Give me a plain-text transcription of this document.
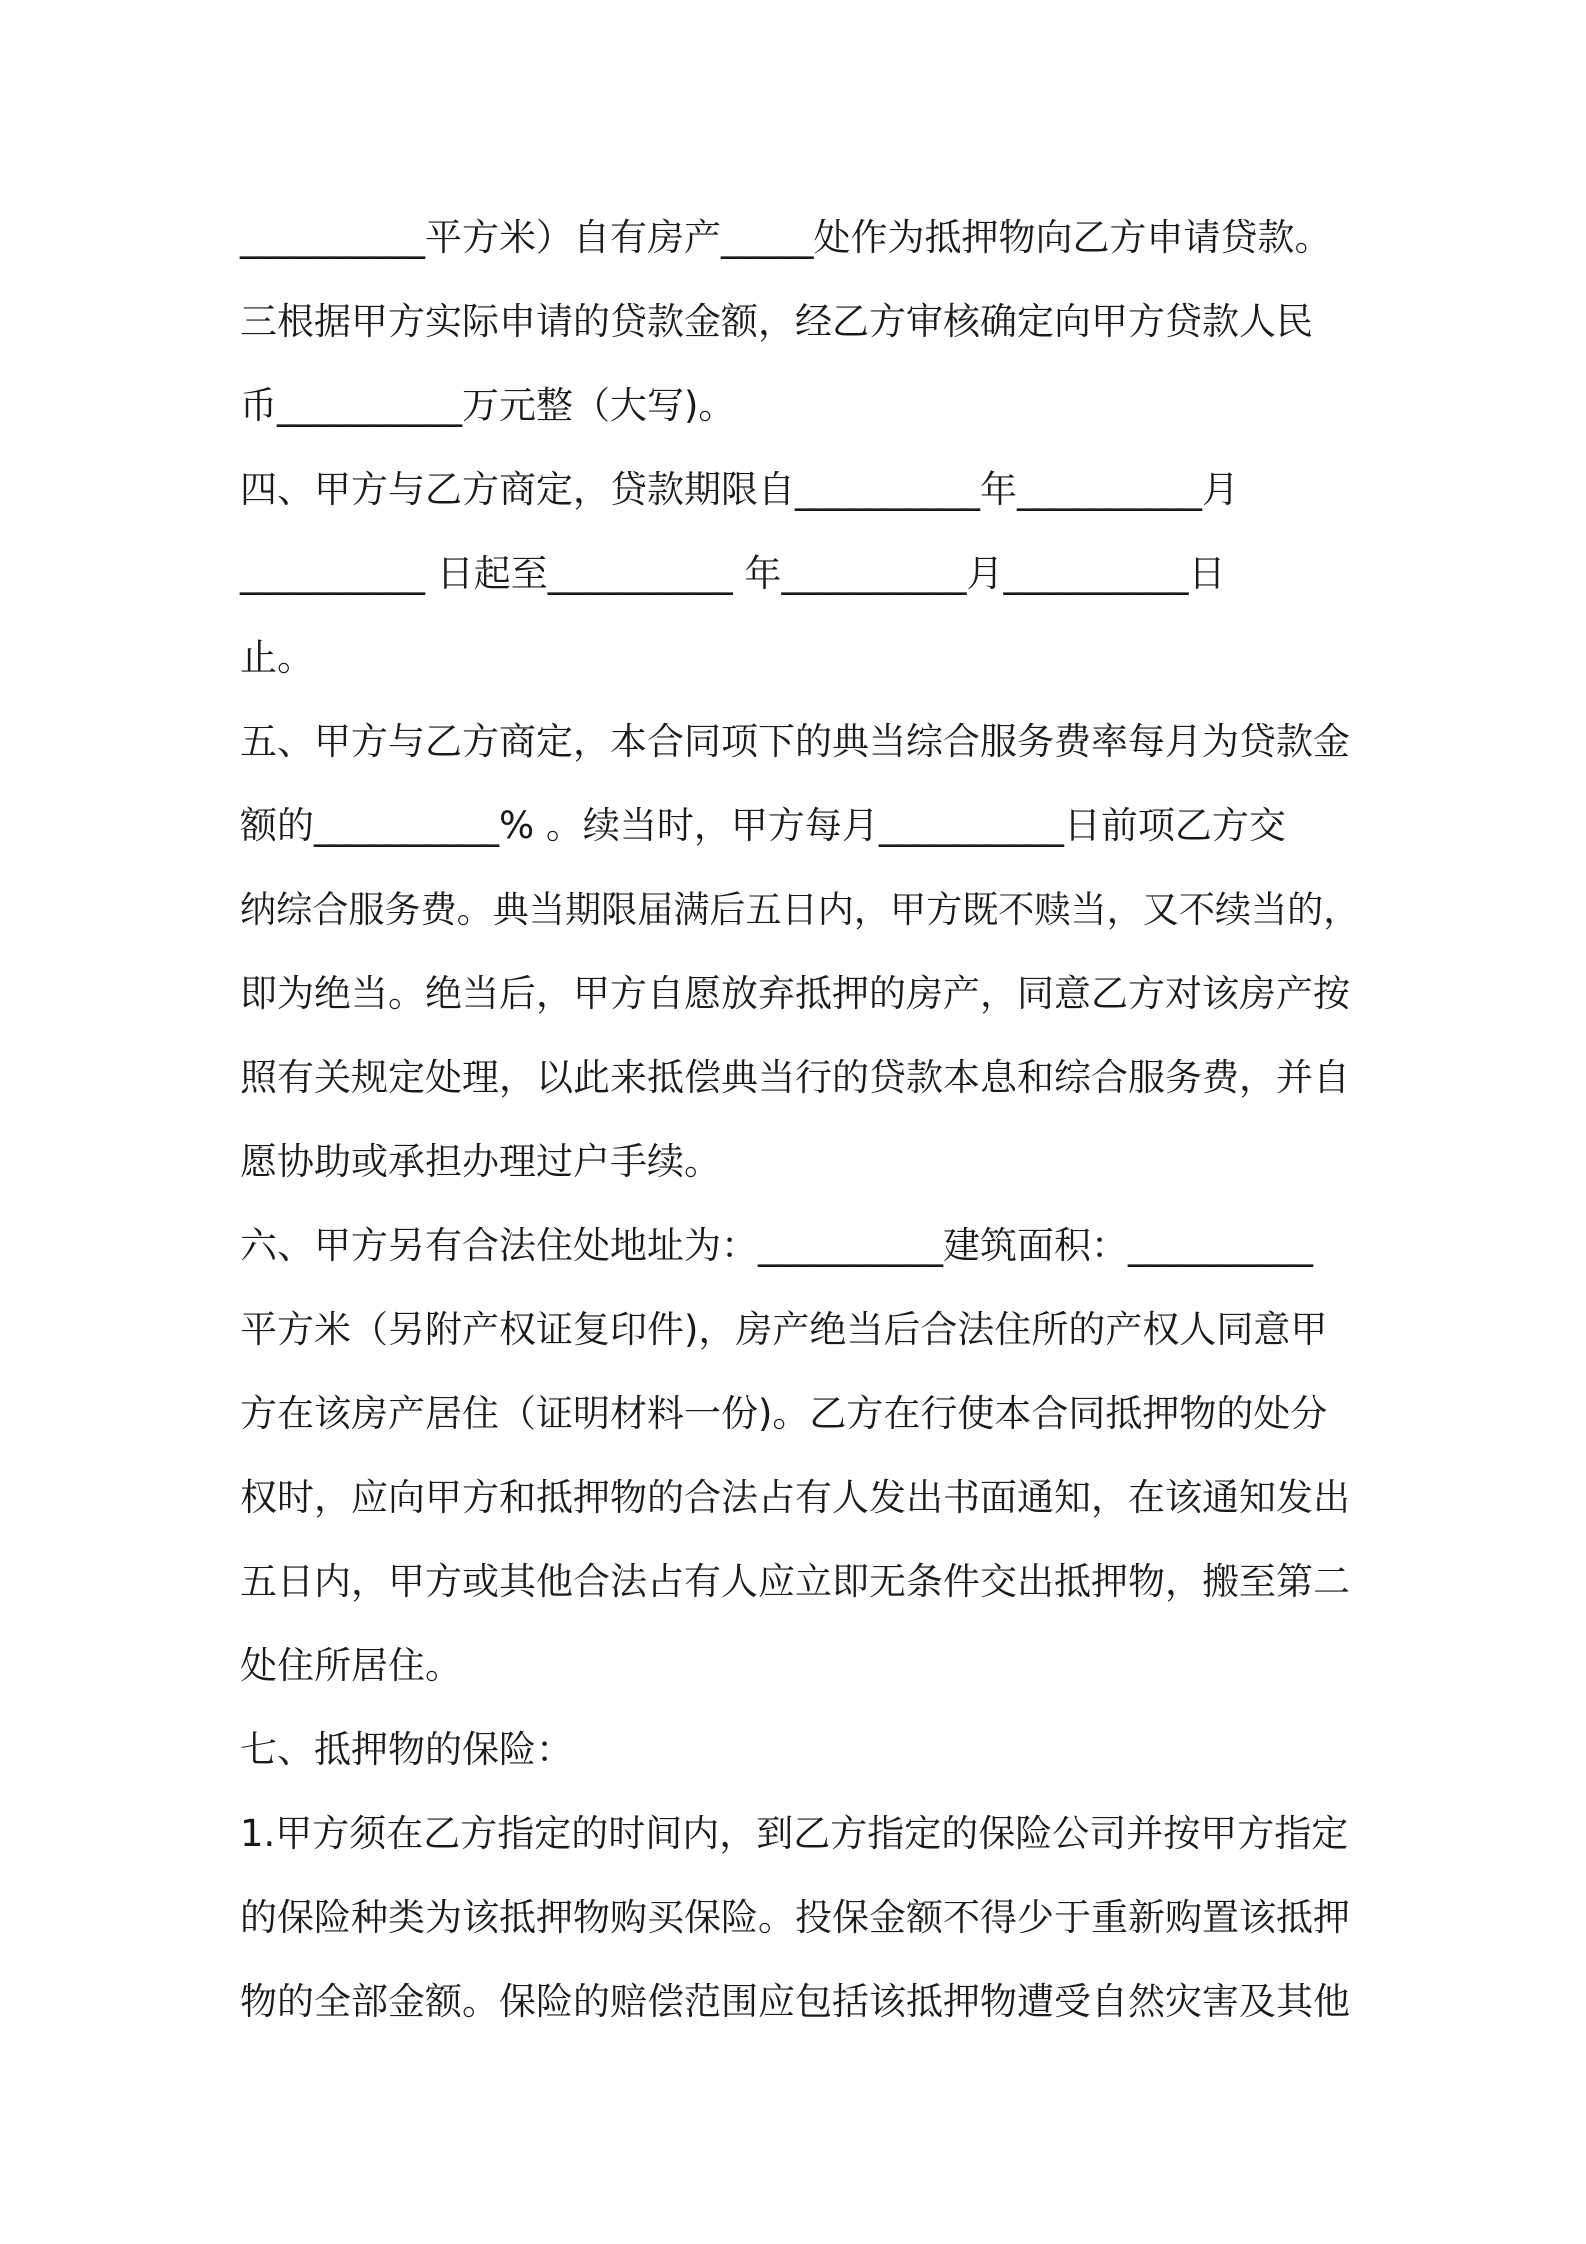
__________平方米）自有房产_____处作为抵押物向乙方申请贷款。
三根据甲方实际申请的贷款金额，经乙方审核确定向甲方贷款人民
币__________万元整（大写)。
四、甲方与乙方商定，贷款期限自__________年__________月
__________ 日起至__________ 年__________月__________日
止。
五、甲方与乙方商定，本合同项下的典当综合服务费率每月为贷款金
额的__________% 。续当时，甲方每月__________日前项乙方交
纳综合服务费。典当期限届满后五日内，甲方既不赎当，又不续当的，
即为绝当。绝当后，甲方自愿放弃抵押的房产，同意乙方对该房产按
照有关规定处理，以此来抵偿典当行的贷款本息和综合服务费，并自
愿协助或承担办理过户手续。
六、甲方另有合法住处地址为：__________建筑面积：__________
平方米（另附产权证复印件)，房产绝当后合法住所的产权人同意甲
方在该房产居住（证明材料一份)。乙方在行使本合同抵押物的处分
权时，应向甲方和抵押物的合法占有人发出书面通知，在该通知发出
五日内，甲方或其他合法占有人应立即无条件交出抵押物，搬至第二
处住所居住。
七、抵押物的保险：
1.甲方须在乙方指定的时间内，到乙方指定的保险公司并按甲方指定
的保险种类为该抵押物购买保险。投保金额不得少于重新购置该抵押
物的全部金额。保险的赔偿范围应包括该抵押物遭受自然灾害及其他
